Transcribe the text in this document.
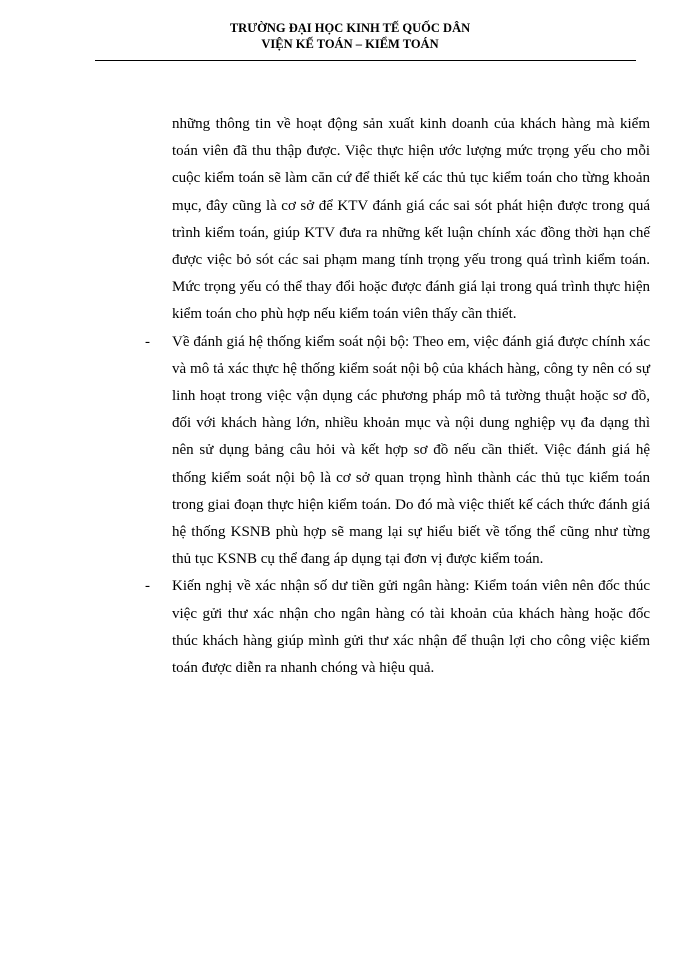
TRƯỜNG ĐẠI HỌC KINH TẾ QUỐC DÂN
VIỆN KẾ TOÁN – KIỂM TOÁN

những thông tin về hoạt động sản xuất kinh doanh của khách hàng mà kiểm toán viên đã thu thập được. Việc thực hiện ước lượng mức trọng yếu cho mỗi cuộc kiểm toán sẽ làm căn cứ để thiết kế các thủ tục kiểm toán cho từng khoản mục, đây cũng là cơ sở để KTV đánh giá các sai sót phát hiện được trong quá trình kiểm toán, giúp KTV đưa ra những kết luận chính xác đồng thời hạn chế được việc bỏ sót các sai phạm mang tính trọng yếu trong quá trình kiểm toán. Mức trọng yếu có thể thay đổi hoặc được đánh giá lại trong quá trình thực hiện kiểm toán cho phù hợp nếu kiểm toán viên thấy cần thiết.

-	Về đánh giá hệ thống kiểm soát nội bộ: Theo em, việc đánh giá được chính xác và mô tả xác thực hệ thống kiểm soát nội bộ của khách hàng, công ty nên có sự linh hoạt trong việc vận dụng các phương pháp mô tả tường thuật hoặc sơ đồ, đối với khách hàng lớn, nhiều khoản mục và nội dung nghiệp vụ đa dạng thì nên sử dụng bảng câu hỏi và kết hợp sơ đồ nếu cần thiết. Việc đánh giá hệ thống kiểm soát nội bộ là cơ sở quan trọng hình thành các thủ tục kiểm toán trong giai đoạn thực hiện kiểm toán. Do đó mà việc thiết kế cách thức đánh giá hệ thống KSNB phù hợp sẽ mang lại sự hiểu biết về tổng thể cũng như từng thủ tục KSNB cụ thể đang áp dụng tại đơn vị được kiểm toán.

-	Kiến nghị về xác nhận số dư tiền gửi ngân hàng: Kiểm toán viên nên đốc thúc việc gửi thư xác nhận cho ngân hàng có tài khoản của khách hàng hoặc đốc thúc khách hàng giúp mình gửi thư xác nhận để thuận lợi cho công việc kiểm toán được diễn ra nhanh chóng và hiệu quả.
